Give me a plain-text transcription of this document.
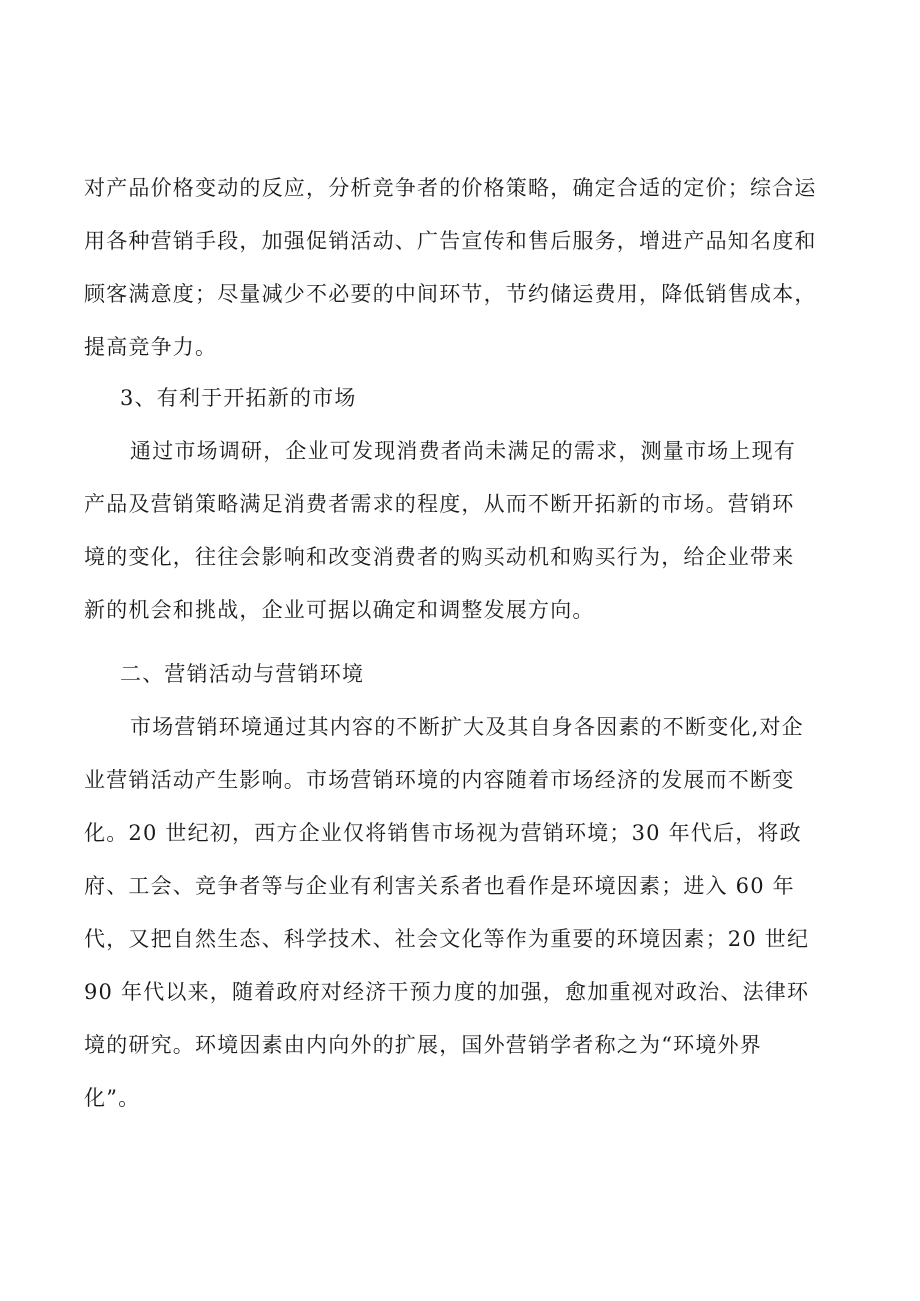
对产品价格变动的反应，分析竞争者的价格策略，确定合适的定价；综合运
用各种营销手段，加强促销活动、广告宣传和售后服务，增进产品知名度和
顾客满意度；尽量减少不必要的中间环节，节约储运费用，降低销售成本，
提高竞争力。
3、有利于开拓新的市场
通过市场调研，企业可发现消费者尚未满足的需求，测量市场上现有
产品及营销策略满足消费者需求的程度，从而不断开拓新的市场。营销环
境的变化，往往会影响和改变消费者的购买动机和购买行为，给企业带来
新的机会和挑战，企业可据以确定和调整发展方向。
二、营销活动与营销环境
市场营销环境通过其内容的不断扩大及其自身各因素的不断变化,对企
业营销活动产生影响。市场营销环境的内容随着市场经济的发展而不断变
化。20 世纪初，西方企业仅将销售市场视为营销环境；30 年代后，将政
府、工会、竞争者等与企业有利害关系者也看作是环境因素；进入 60 年
代，又把自然生态、科学技术、社会文化等作为重要的环境因素；20 世纪
90 年代以来，随着政府对经济干预力度的加强，愈加重视对政治、法律环
境的研究。环境因素由内向外的扩展，国外营销学者称之为“环境外界
化”。
